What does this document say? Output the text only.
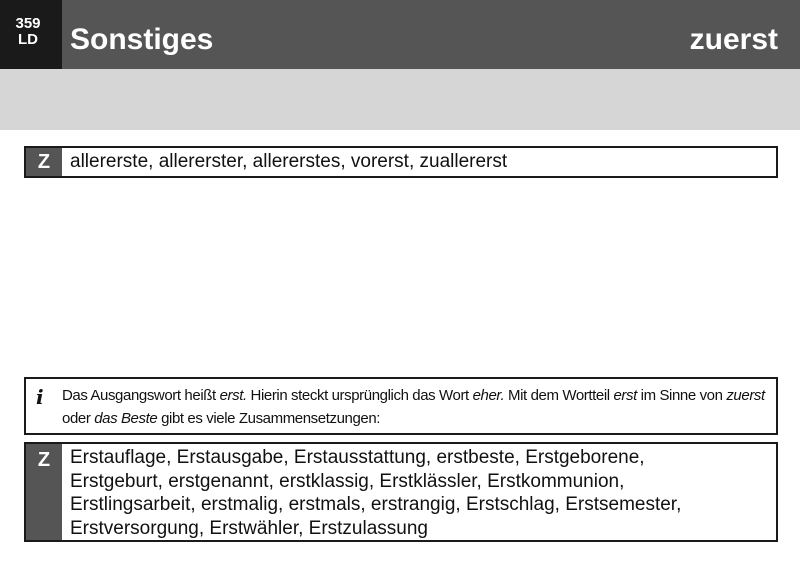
359
LD	Sonstiges	zuerst
Z	allererste, allererster, allererstes, vorerst, zuallererst
i Das Ausgangswort heißt erst. Hierin steckt ursprünglich das Wort eher. Mit dem Wortteil erst im Sinne von zuerst oder das Beste gibt es viele Zusammensetzungen:
Z	Erstauflage, Erstausgabe, Erstausstattung, erstbeste, Erstgeborene,
Erstgeburt, erstgenannt, erstklassig, Erstklässler, Erstkommunion,
Erstlingsarbeit, erstmalig, erstmals, erstrangig, Erstschlag, Erstsemester,
Erstversorgung, Erstwähler, Erstzulassung
